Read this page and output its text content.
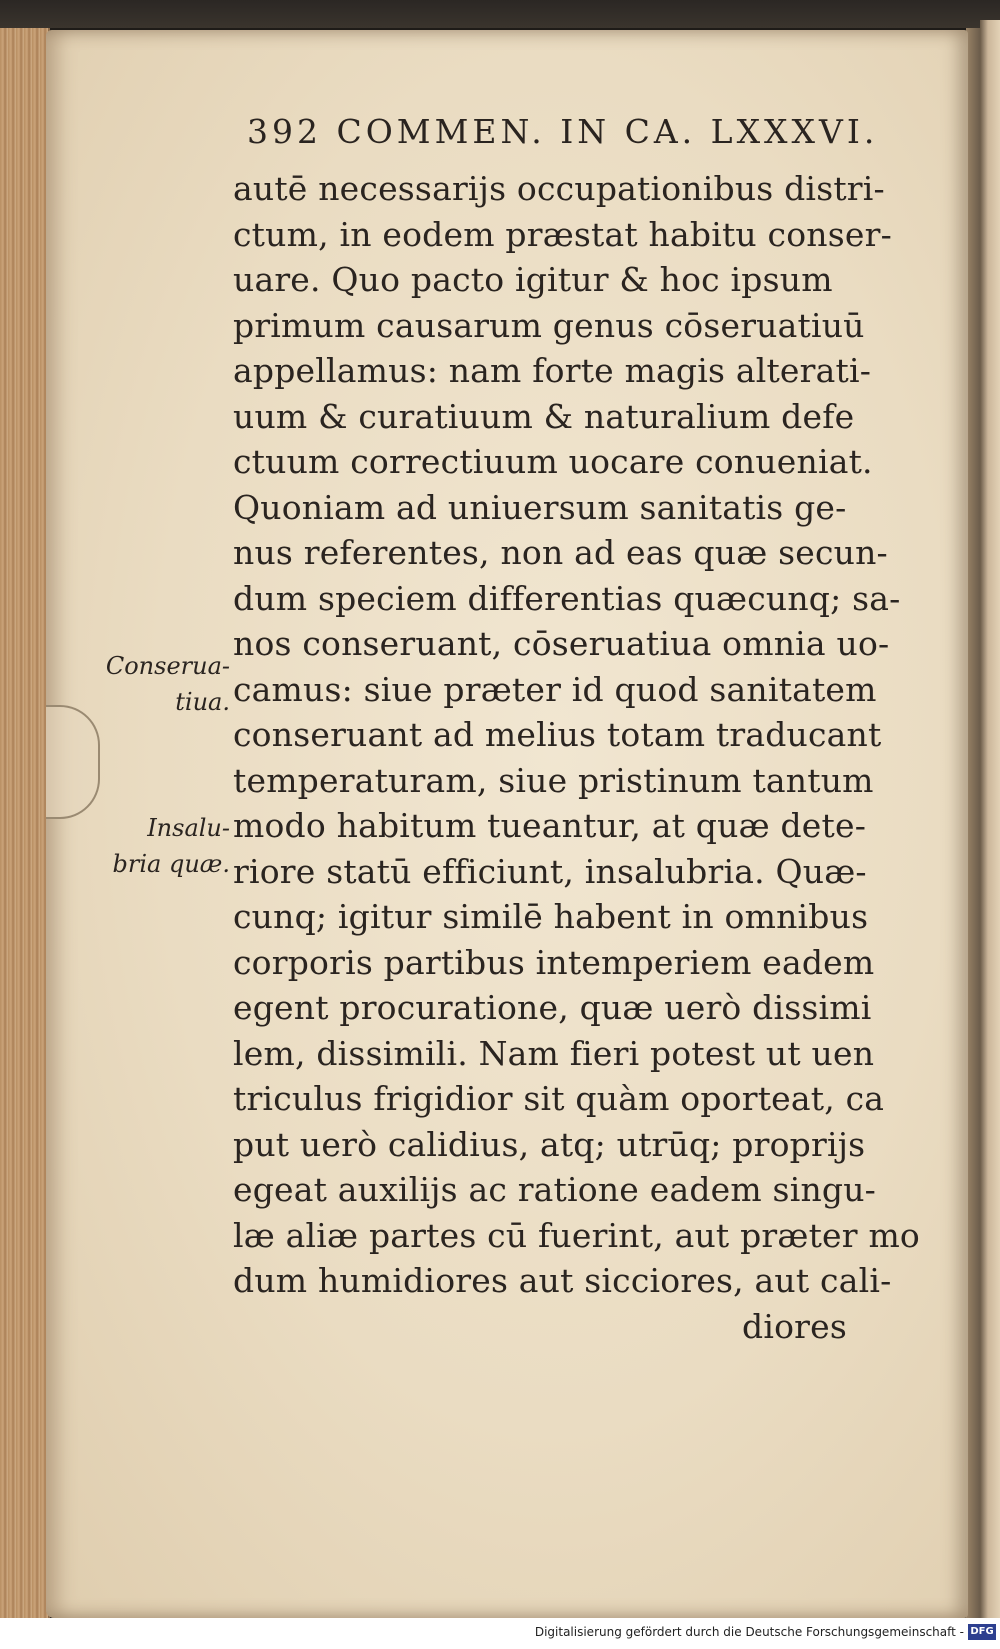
392 COMMEN. IN CA. LXXXVI.
Conserua-
tiua.
Insalu-
bria quæ.
autē necessarijs occupationibus distri-
ctum, in eodem præstat habitu conser-
uare. Quo pacto igitur & hoc ipsum
primum causarum genus cōseruatiuū
appellamus: nam forte magis alterati-
uum & curatiuum & naturalium defe
ctuum correctiuum uocare conueniat.
Quoniam ad uniuersum sanitatis ge-
nus referentes, non ad eas quæ secun-
dum speciem differentias quæcunq; sa-
nos conseruant, cōseruatiua omnia uo-
camus: siue præter id quod sanitatem
conseruant ad melius totam traducant
temperaturam, siue pristinum tantum
modo habitum tueantur, at quæ dete-
riore statū efficiunt, insalubria. Quæ-
cunq; igitur similē habent in omnibus
corporis partibus intemperiem eadem
egent procuratione, quæ uerò dissimi
lem, dissimili. Nam fieri potest ut uen
triculus frigidior sit quàm oporteat, ca
put uerò calidius, atq; utrūq; proprijs
egeat auxilijs ac ratione eadem singu-
læ aliæ partes cū fuerint, aut præter mo
dum humidiores aut sicciores, aut cali-
diores
Digitalisierung gefördert durch die Deutsche Forschungsgemeinschaft - DFG
